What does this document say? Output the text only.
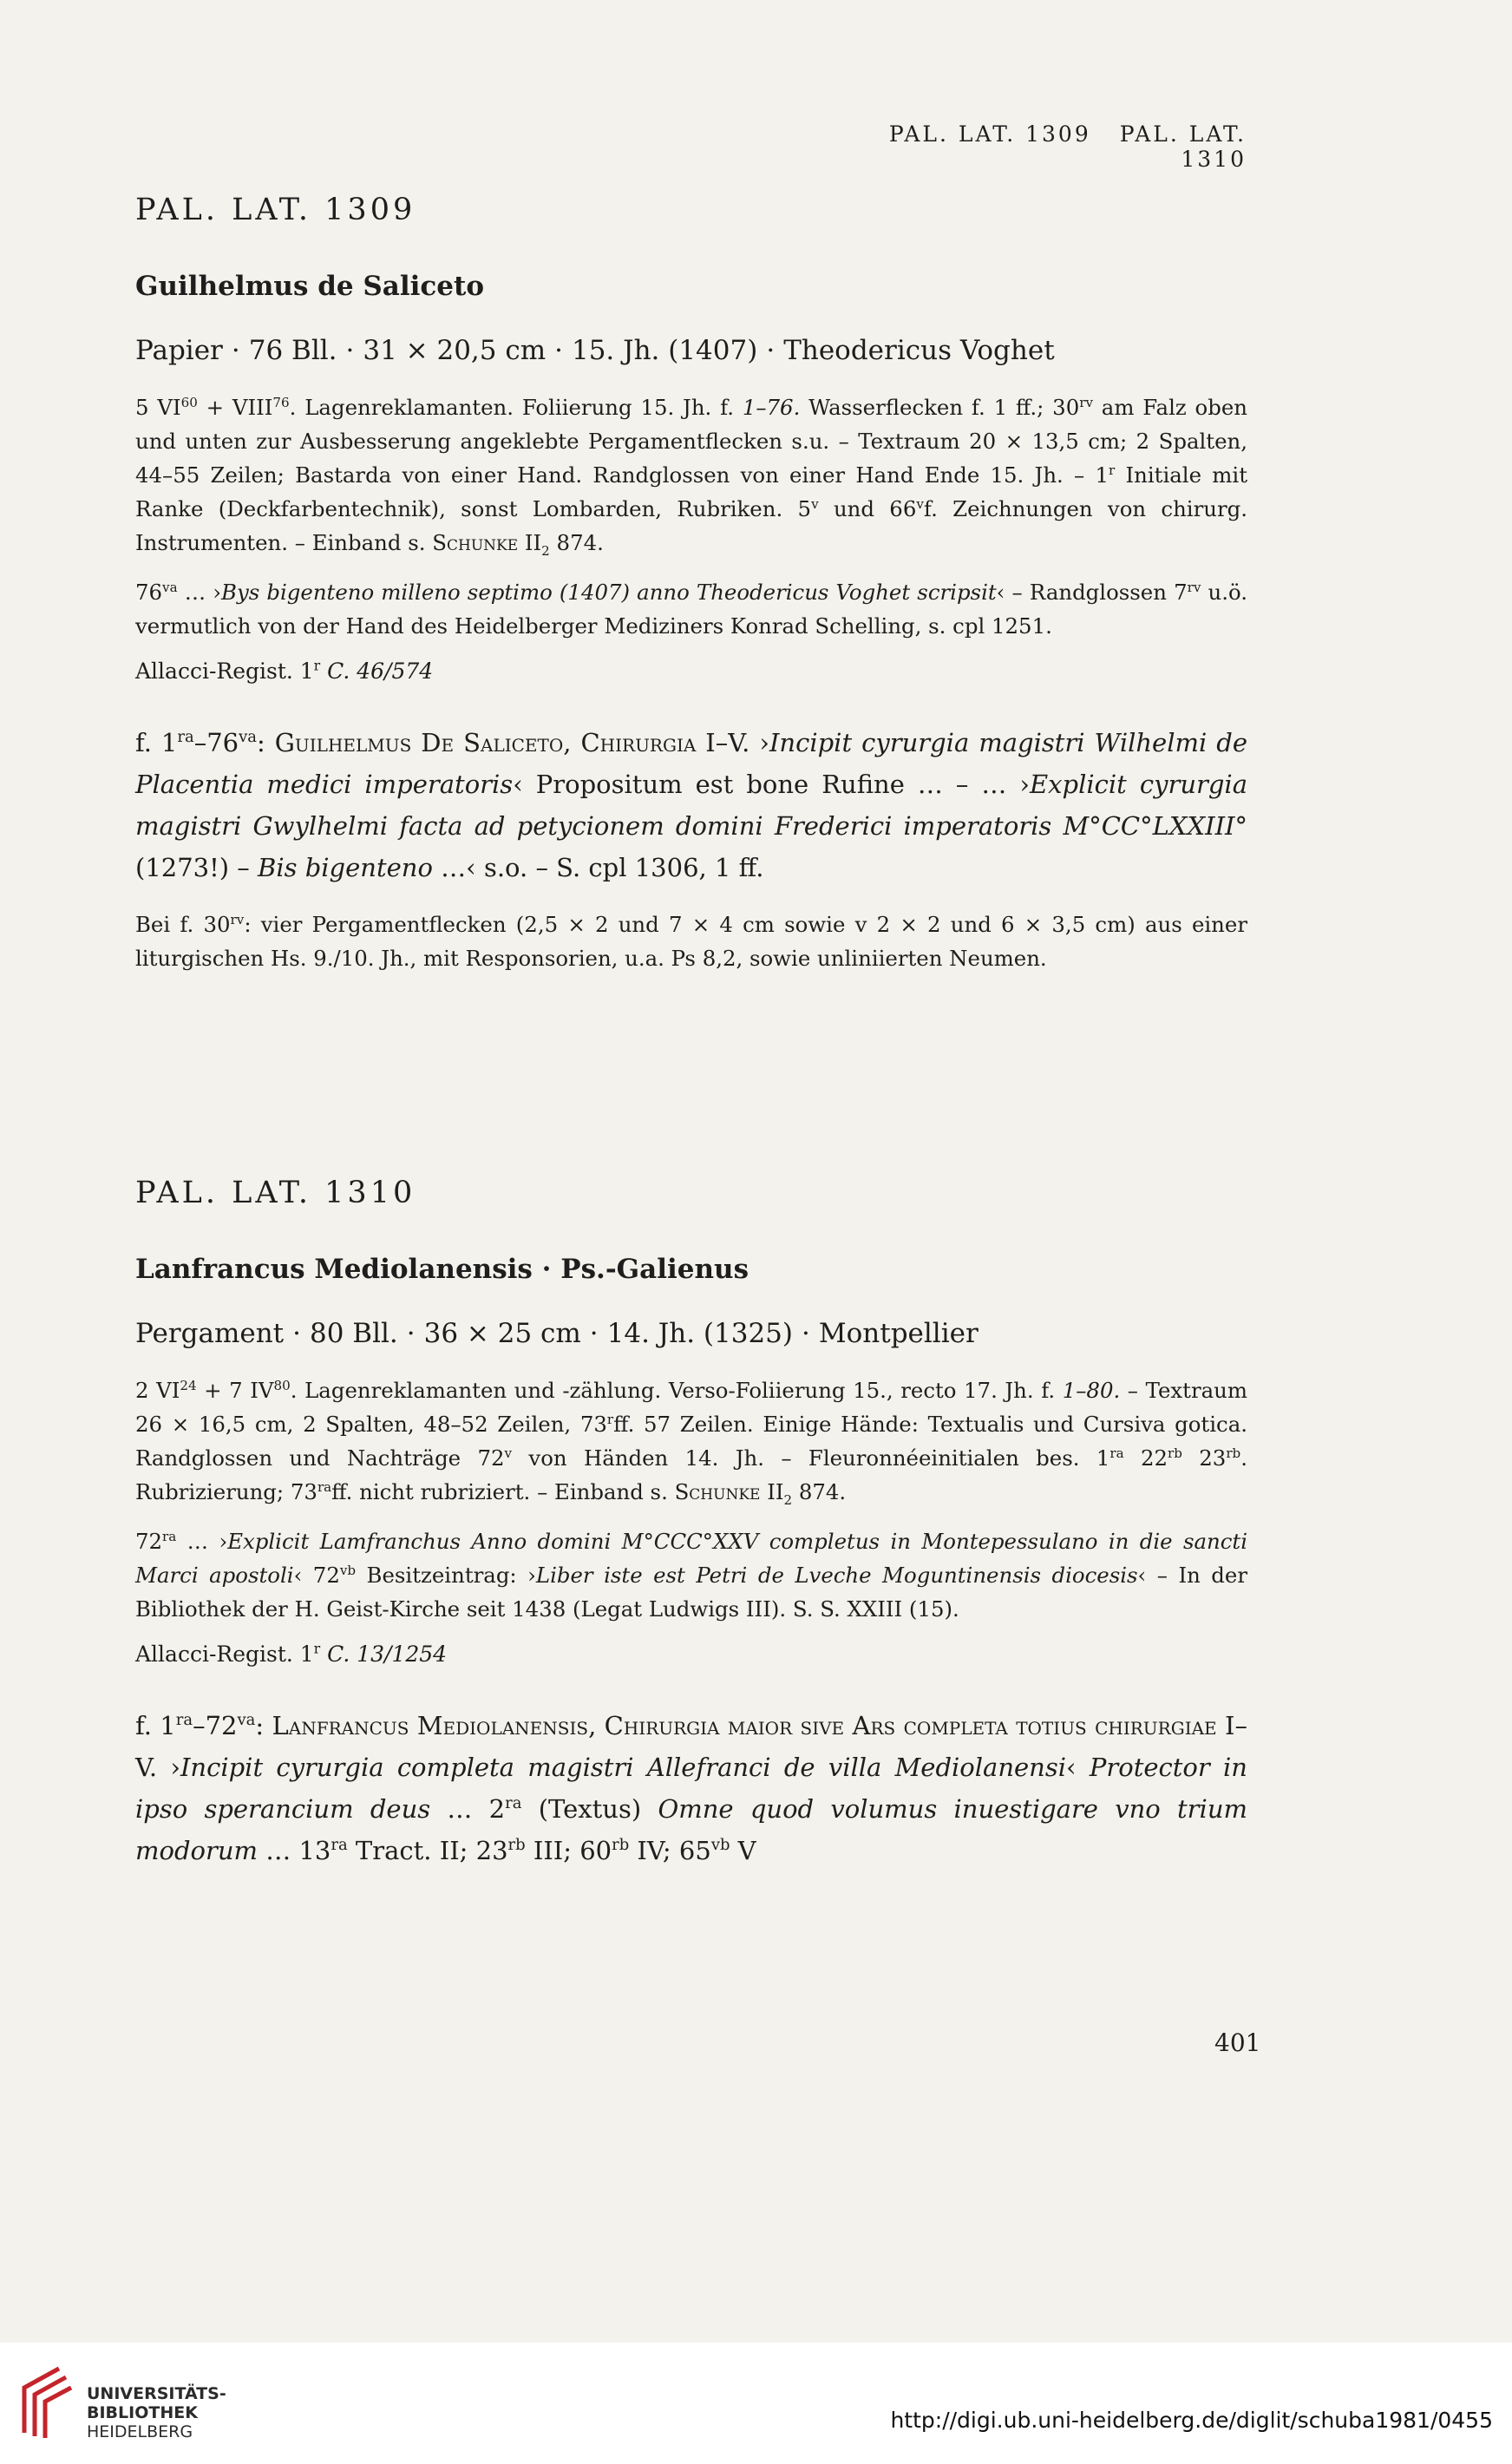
PAL. LAT. 1309 PAL. LAT. 1310
PAL. LAT. 1309
Guilhelmus de Saliceto
Papier · 76 Bll. · 31 × 20,5 cm · 15. Jh. (1407) · Theodericus Voghet

5 $VI^{60}$ + $VIII^{76}$. Lagenreklamanten. Foliierung 15. Jh. f. 1–76. Wasserflecken f. 1 ff.; $30^{rv}$ am Falz oben und unten zur Ausbesserung angeklebte Pergamentflecken s.u. – Textraum 20 × 13,5 cm; 2 Spalten, 44–55 Zeilen; Bastarda von einer Hand. Randglossen von einer Hand Ende 15. Jh. – 1$^r$ Initiale mit Ranke (Deckfarbentechnik), sonst Lombarden, Rubriken. 5$^v$ und 66$^v$f. Zeichnungen von chirurg. Instrumenten. – Einband s. Schunke $II_2$ 874.

$76^{va}$ … ›Bys bigenteno milleno septimo (1407) anno Theodericus Voghet scripsit‹ – Randglossen $7^{rv}$ u.ö. vermutlich von der Hand des Heidelberger Mediziners Konrad Schelling, s. cpl 1251.

Allacci-Regist. 1$^r$ C. 46/574

f. $1^{ra}-76^{va}$: Guilhelmus De Saliceto, Chirurgia I–V. ›Incipit cyrurgia magistri Wilhelmi de Placentia medici imperatoris‹ Propositum est bone Rufine … – … ›Explicit cyrurgia magistri Gwylhelmi facta ad petycionem domini Frederici imperatoris M°CC°LXXIII° (1273!) – Bis bigenteno …‹ s.o. – S. cpl 1306, 1 ff.

Bei f. $30^{rv}$: vier Pergamentflecken (2,5 × 2 und 7 × 4 cm sowie v 2 × 2 und 6 × 3,5 cm) aus einer liturgischen Hs. 9./10. Jh., mit Responsorien, u.a. Ps 8,2, sowie unliniierten Neumen.

PAL. LAT. 1310
Lanfrancus Mediolanensis · Ps.-Galienus
Pergament · 80 Bll. · 36 × 25 cm · 14. Jh. (1325) · Montpellier

2 $VI^{24} + 7$ IV$^{80}$. Lagenreklamanten und -zählung. Verso-Foliierung 15., recto 17. Jh. f. 1–80. – Textraum 26 × 16,5 cm, 2 Spalten, 48–52 Zeilen, 73$^r$ff. 57 Zeilen. Einige Hände: Textualis und Cursiva gotica. Randglossen und Nachträge 72$^v$ von Händen 14. Jh. – Fleuronnéeinitialen bes. $1^{ra}$ $22^{rb}$ $23^{rb}$. Rubrizierung; $73^{ra}ff$. nicht rubriziert. – Einband s. Schunke $II_2$ 874.

$72^{ra}$ … ›Explicit Lamfranchus Anno domini M°CCC°XXV completus in Montepessulano in die sancti Marci apostoli‹ $72^{vb}$ Besitzeintrag: ›Liber iste est Petri de Lveche Moguntinensis diocesis‹ – In der Bibliothek der H. Geist-Kirche seit 1438 (Legat Ludwigs III). S. S. XXIII (15).

Allacci-Regist. 1$^r$ C. 13/1254

f. $1^{ra}-72^{va}$: Lanfrancus Mediolanensis, Chirurgia maior sive Ars completa totius chirurgiae I–V. ›Incipit cyrurgia completa magistri Allefranci de villa Mediolanensi‹ Protector in ipso sperancium deus … $2^{ra}$ (Textus) Omne quod volumus inuestigare vno trium modorum … $13^{ra}$ Tract. II; $23^{rb}$ III; $60^{rb}$ IV; $65^{vb}$ V

401
UNIVERSITÄTS-
BIBLIOTHEK
HEIDELBERG	http://digi.ub.uni-heidelberg.de/diglit/schuba1981/0455
